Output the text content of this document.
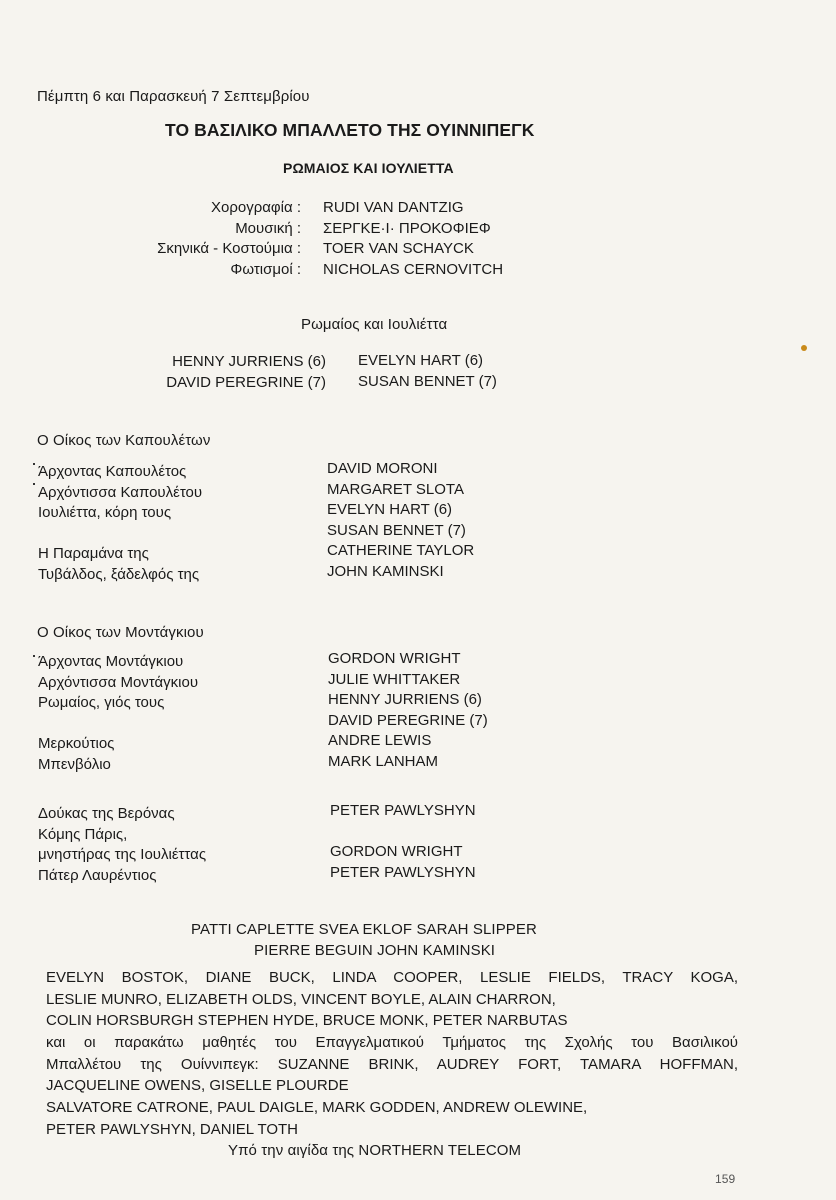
Πέμπτη 6 και Παρασκευή 7 Σεπτεμβρίου
ΤΟ ΒΑΣΙΛΙΚΟ ΜΠΑΛΛΕΤΟ ΤΗΣ ΟΥΙΝΝΙΠΕΓΚ
ΡΩΜΑΙΟΣ ΚΑΙ ΙΟΥΛΙΕΤΤΑ
Χορογραφία :
Μουσική :
Σκηνικά - Κοστούμια :
Φωτισμοί :
RUDI VAN DANTZIG
ΣΕΡΓΚΕ·Ι· ΠΡΟΚΟΦΙΕΦ
TOER VAN SCHAYCK
NICHOLAS CERNOVITCH
Ρωμαίος και Ιουλιέττα
HENNY JURRIENS (6)
DAVID PEREGRINE (7)
EVELYN HART (6)
SUSAN BENNET (7)
Ο Οίκος των Καπουλέτων
Άρχοντας Καπουλέτος
Αρχόντισσα Καπουλέτου
Ιουλιέττα, κόρη τους
Η Παραμάνα της
Τυβάλδος, ξάδελφός της
DAVID MORONI
MARGARET SLOTA
EVELYN HART (6)
SUSAN BENNET (7)
CATHERINE TAYLOR
JOHN KAMINSKI
Ο Οίκος των Μοντάγκιου
Άρχοντας Μοντάγκιου
Αρχόντισσα Μοντάγκιου
Ρωμαίος, γιός τους
Μερκούτιος
Μπενβόλιο
GORDON WRIGHT
JULIE WHITTAKER
HENNY JURRIENS (6)
DAVID PEREGRINE (7)
ANDRE LEWIS
MARK LANHAM
Δούκας της Βερόνας
Κόμης Πάρις,
μνηστήρας της Ιουλιέττας
Πάτερ Λαυρέντιος
PETER PAWLYSHYN
GORDON WRIGHT
PETER PAWLYSHYN
PATTI CAPLETTE SVEA EKLOF SARAH SLIPPER
PIERRE BEGUIN JOHN KAMINSKI
EVELYN BOSTOK, DIANE BUCK, LINDA COOPER, LESLIE FIELDS, TRACY KOGA,
LESLIE MUNRO, ELIZABETH OLDS, VINCENT BOYLE, ALAIN CHARRON,
COLIN HORSBURGH STEPHEN HYDE, BRUCE MONK, PETER NARBUTAS
και οι παρακάτω μαθητές του Επαγγελματικού Τμήματος της Σχολής του Βασιλικού
Μπαλλέτου της Ουίννιπεγκ: SUZANNE BRINK, AUDREY FORT, TAMARA HOFFMAN,
JACQUELINE OWENS, GISELLE PLOURDE
SALVATORE CATRONE, PAUL DAIGLE, MARK GODDEN, ANDREW OLEWINE,
PETER PAWLYSHYN, DANIEL TOTH
Υπό την αιγίδα της NORTHERN TELECOM
159
